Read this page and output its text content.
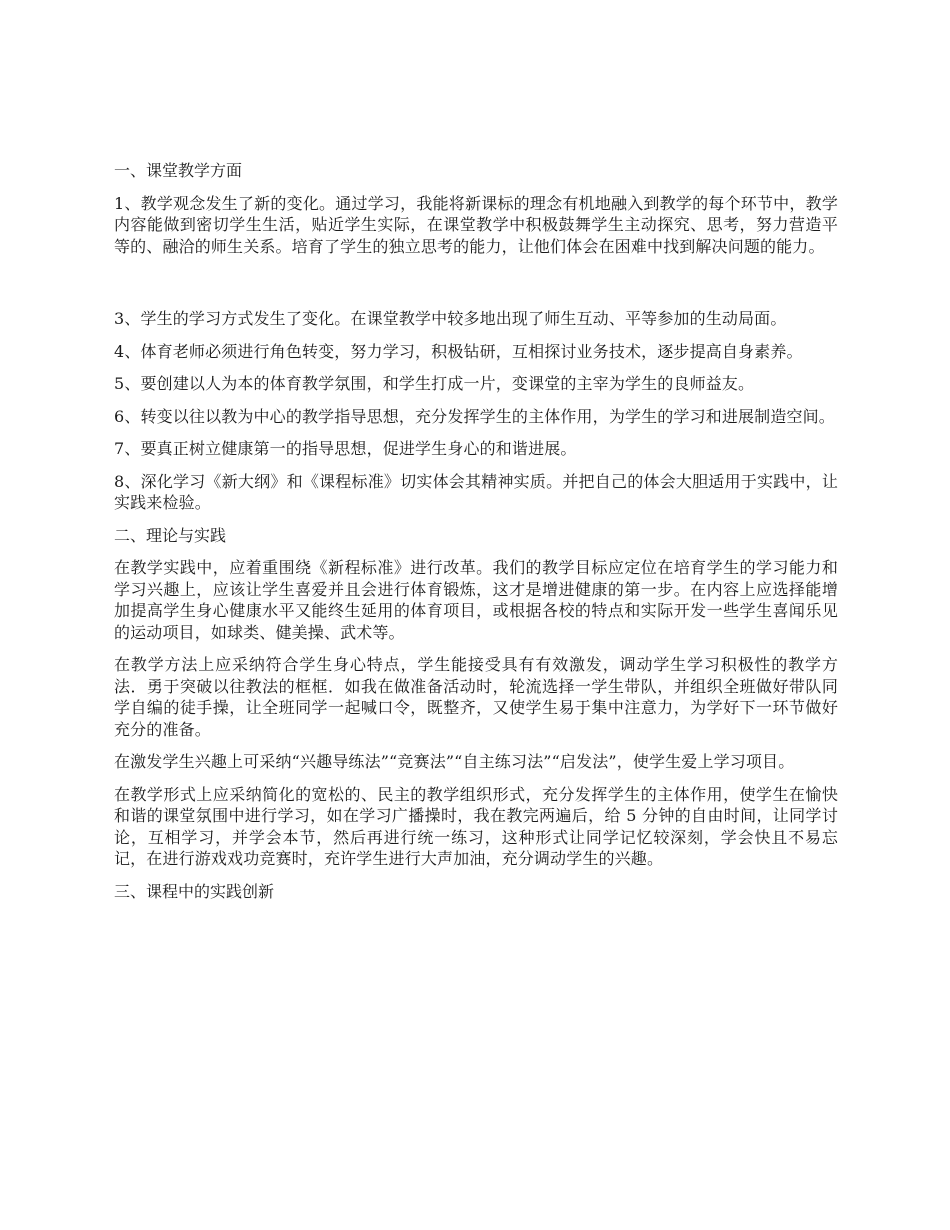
一、课堂教学方面

1、教学观念发生了新的变化。通过学习，我能将新课标的理念有机地融入到教学的每个环节中，教学内容能做到密切学生生活，贴近学生实际，在课堂教学中积极鼓舞学生主动探究、思考，努力营造平等的、融洽的师生关系。培育了学生的独立思考的能力，让他们体会在困难中找到解决问题的能力。

3、学生的学习方式发生了变化。在课堂教学中较多地出现了师生互动、平等参加的生动局面。

4、体育老师必须进行角色转变，努力学习，积极钻研，互相探讨业务技术，逐步提高自身素养。

5、要创建以人为本的体育教学氛围，和学生打成一片，变课堂的主宰为学生的良师益友。

6、转变以往以教为中心的教学指导思想，充分发挥学生的主体作用，为学生的学习和进展制造空间。

7、要真正树立健康第一的指导思想，促进学生身心的和谐进展。

8、深化学习《新大纲》和《课程标准》切实体会其精神实质。并把自己的体会大胆适用于实践中，让实践来检验。

二、理论与实践

在教学实践中，应着重围绕《新程标准》进行改革。我们的教学目标应定位在培育学生的学习能力和学习兴趣上，应该让学生喜爱并且会进行体育锻炼，这才是增进健康的第一步。在内容上应选择能增加提高学生身心健康水平又能终生延用的体育项目，或根据各校的特点和实际开发一些学生喜闻乐见的运动项目，如球类、健美操、武术等。

在教学方法上应采纳符合学生身心特点，学生能接受具有有效激发，调动学生学习积极性的教学方法．勇于突破以往教法的框框．如我在做准备活动时，轮流选择一学生带队，并组织全班做好带队同学自编的徒手操，让全班同学一起喊口令，既整齐，又使学生易于集中注意力，为学好下一环节做好充分的准备。

在激发学生兴趣上可采纳“兴趣导练法”“竞赛法”“自主练习法”“启发法”，使学生爱上学习项目。

在教学形式上应采纳简化的宽松的、民主的教学组织形式，充分发挥学生的主体作用，使学生在愉快和谐的课堂氛围中进行学习，如在学习广播操时，我在教完两遍后，给 5 分钟的自由时间，让同学讨论，互相学习，并学会本节，然后再进行统一练习，这种形式让同学记忆较深刻，学会快且不易忘记，在进行游戏戏功竞赛时，充许学生进行大声加油，充分调动学生的兴趣。

三、课程中的实践创新
